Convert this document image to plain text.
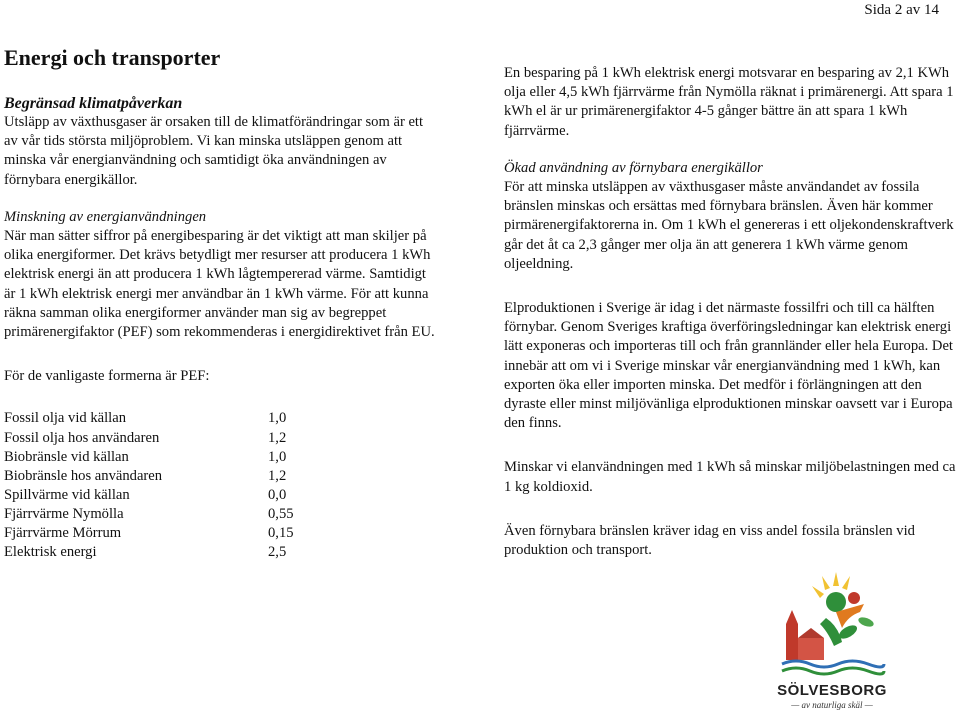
Sida 2 av 14
Energi och transporter

Begränsad klimatpåverkan

Utsläpp av växthusgaser är orsaken till de klimatförändringar som är ett av vår tids största miljöproblem. Vi kan minska utsläppen genom att minska vår energianvändning och samtidigt öka användningen av förnybara energikällor.

Minskning av energianvändningen

När man sätter siffror på energibesparing är det viktigt att man skiljer på olika energiformer. Det krävs betydligt mer resurser att producera 1 kWh elektrisk energi än att producera 1 kWh lågtempererad värme. Samtidigt är 1 kWh elektrisk energi mer användbar än 1 kWh värme. För att kunna räkna samman olika energiformer använder man sig av begreppet primärenergifaktor (PEF) som rekommenderas i energidirektivet från EU.

För de vanligaste formerna är PEF:

Fossil olja vid källan	1,0
Fossil olja hos användaren	1,2
Biobränsle vid källan	1,0
Biobränsle hos användaren	1,2
Spillvärme vid källan	0,0
Fjärrvärme Nymölla	0,55
Fjärrvärme Mörrum	0,15
Elektrisk energi	2,5

En besparing på 1 kWh elektrisk energi motsvarar en besparing av 2,1 KWh olja eller 4,5 kWh fjärrvärme från Nymölla räknat i primärenergi. Att spara 1 kWh el är ur primärenergifaktor 4-5 gånger bättre än att spara 1 kWh fjärrvärme.

Ökad användning av förnybara energikällor

För att minska utsläppen av växthusgaser måste användandet av fossila bränslen minskas och ersättas med förnybara bränslen. Även här kommer pirmärenergifaktorerna in. Om 1 kWh el genereras i ett oljekondenskraftverk går det åt ca 2,3 gånger mer olja än att generera 1 kWh värme genom oljeeldning.

Elproduktionen i Sverige är idag i det närmaste fossilfri och till ca hälften förnybar. Genom Sveriges kraftiga överföringsledningar kan elektrisk energi lätt exponeras och importeras till och från grannländer eller hela Europa. Det innebär att om vi i Sverige minskar vår energianvändning med 1 kWh, kan exporten öka eller importen minska. Det medför i förlängningen att den dyraste eller minst miljövänliga elproduktionen minskar oavsett var i Europa den finns.

Minskar vi elanvändningen med 1 kWh så minskar miljöbelastningen med ca 1 kg koldioxid.

Även förnybara bränslen kräver idag en viss andel fossila bränslen vid produktion och transport.

SÖLVESBORG
— av naturliga skäl —
